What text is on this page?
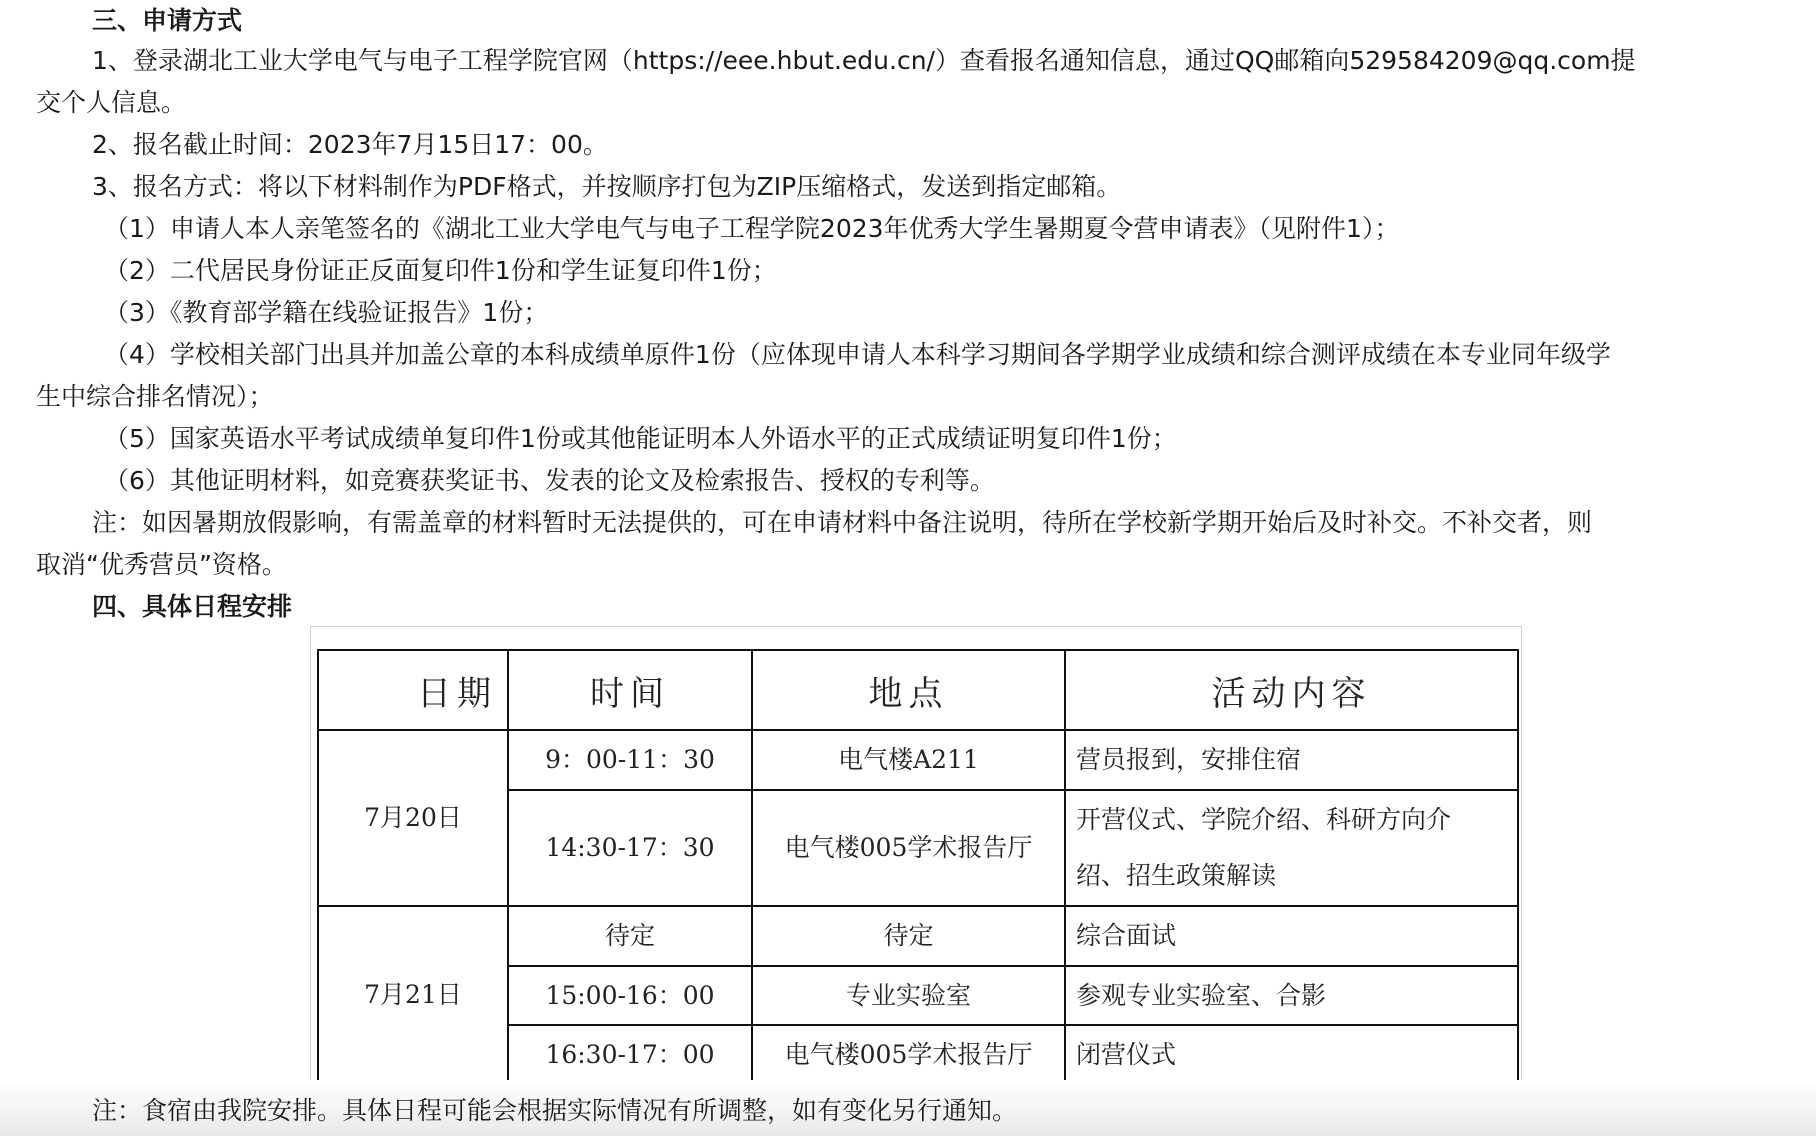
三、申请方式
1、登录湖北工业大学电气与电子工程学院官网（https://eee.hbut.edu.cn/）查看报名通知信息，通过QQ邮箱向529584209@qq.com提
交个人信息。
2、报名截止时间：2023年7月15日17：00。
3、报名方式：将以下材料制作为PDF格式，并按顺序打包为ZIP压缩格式，发送到指定邮箱。
（1）申请人本人亲笔签名的《湖北工业大学电气与电子工程学院2023年优秀大学生暑期夏令营申请表》（见附件1）；
（2）二代居民身份证正反面复印件1份和学生证复印件1份；
（3）《教育部学籍在线验证报告》1份；
（4）学校相关部门出具并加盖公章的本科成绩单原件1份（应体现申请人本科学习期间各学期学业成绩和综合测评成绩在本专业同年级学
生中综合排名情况）；
（5）国家英语水平考试成绩单复印件1份或其他能证明本人外语水平的正式成绩证明复印件1份；
（6）其他证明材料，如竞赛获奖证书、发表的论文及检索报告、授权的专利等。
注：如因暑期放假影响，有需盖章的材料暂时无法提供的，可在申请材料中备注说明，待所在学校新学期开始后及时补交。不补交者，则
取消“优秀营员”资格。
四、具体日程安排
日期	时间	地点	活动内容
7月20日	9：00-11：30	电气楼A211	营员报到，安排住宿
	14:30-17：30	电气楼005学术报告厅	开营仪式、学院介绍、科研方向介
绍、招生政策解读

7月21日	待定	待定	综合面试
	15:00-16：00	专业实验室	参观专业实验室、合影
	16:30-17：00	电气楼005学术报告厅	闭营仪式
注：食宿由我院安排。具体日程可能会根据实际情况有所调整，如有变化另行通知。
